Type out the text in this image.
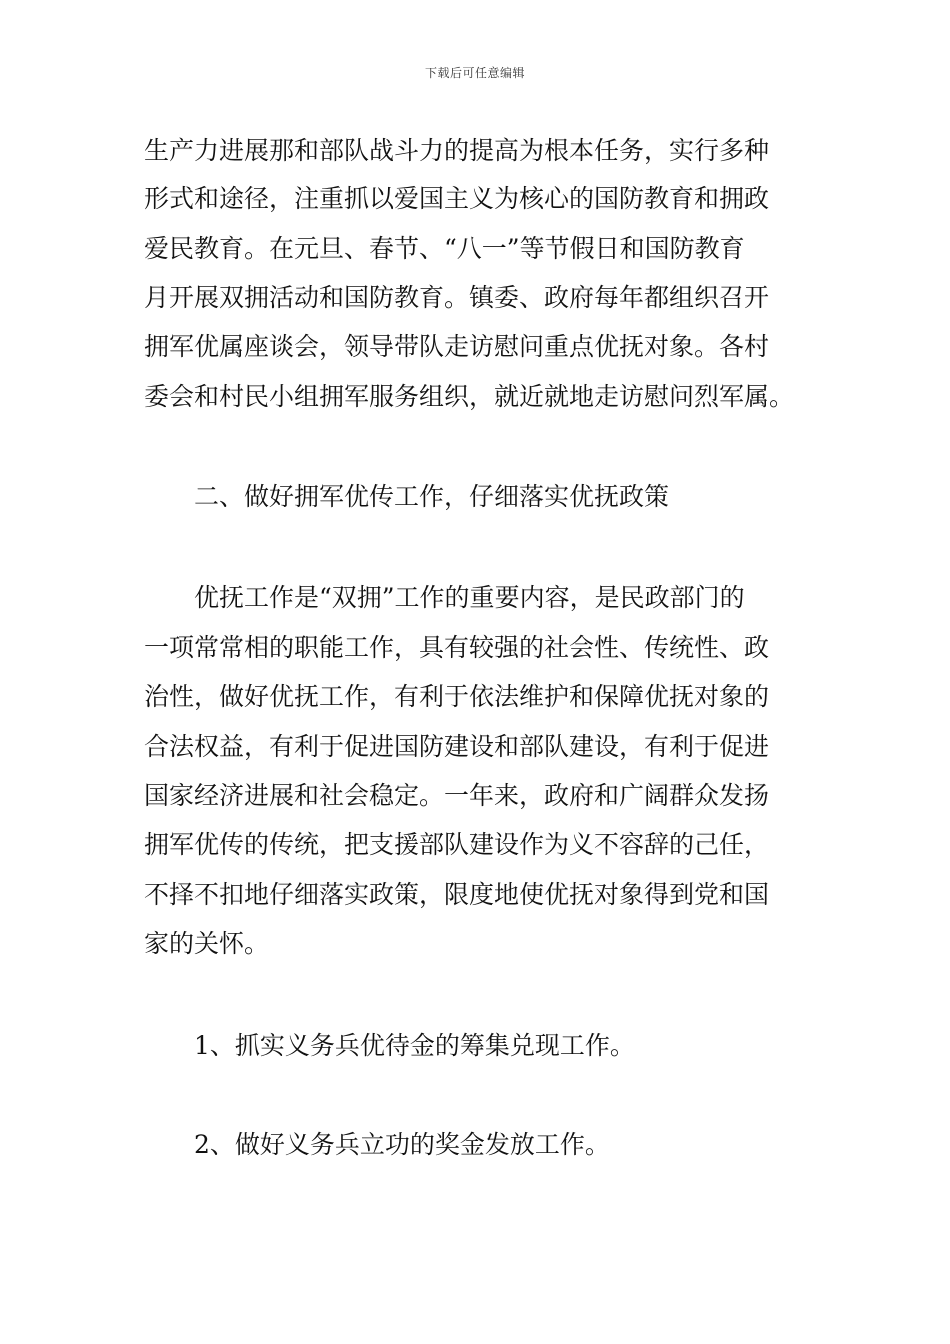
下载后可任意编辑
生产力进展那和部队战斗力的提高为根本任务，实行多种
形式和途径，注重抓以爱国主义为核心的国防教育和拥政
爱民教育。在元旦、春节、“八一”等节假日和国防教育
月开展双拥活动和国防教育。镇委、政府每年都组织召开
拥军优属座谈会，领导带队走访慰问重点优抚对象。各村
委会和村民小组拥军服务组织，就近就地走访慰问烈军属。
二、做好拥军优传工作，仔细落实优抚政策
优抚工作是“双拥”工作的重要内容，是民政部门的
一项常常相的职能工作，具有较强的社会性、传统性、政
治性，做好优抚工作，有利于依法维护和保障优抚对象的
合法权益，有利于促进国防建设和部队建设，有利于促进
国家经济进展和社会稳定。一年来，政府和广阔群众发扬
拥军优传的传统，把支援部队建设作为义不容辞的己任，
不择不扣地仔细落实政策，限度地使优抚对象得到党和国
家的关怀。
1、抓实义务兵优待金的筹集兑现工作。
2、做好义务兵立功的奖金发放工作。
